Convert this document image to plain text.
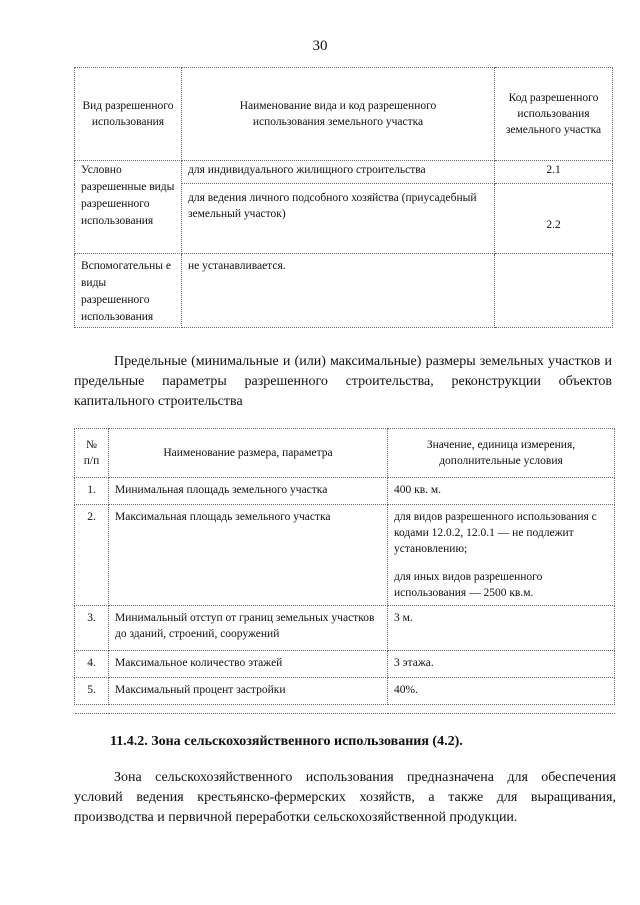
30
Вид разрешенного использования	Наименование вида и код разрешенного использования земельного участка	Код разрешенного использования земельного участка
Условно разрешенные виды разрешенного использования	для индивидуального жилищного строительства	2.1
	для ведения личного подсобного хозяйства (приусадебный земельный участок)	2.2
Вспомогательны е виды разрешенного использования	не устанавливается.	
Предельные (минимальные и (или) максимальные) размеры земельных участков и предельные параметры разрешенного строительства, реконструкции объектов капитального строительства
№ п/п	Наименование размера, параметра	Значение, единица измерения, дополнительные условия
1.	Минимальная площадь земельного участка	400 кв. м.
2.	Максимальная площадь земельного участка	для видов разрешенного использования с кодами 12.0.2, 12.0.1 — не подлежит установлению;
для иных видов разрешенного использования — 2500 кв.м.

3.	Минимальный отступ от границ земельных участков до зданий, строений, сооружений	3 м.
4.	Максимальное количество этажей	3 этажа.
5.	Максимальный процент застройки	40%.

11.4.2. Зона сельскохозяйственного использования (4.2).
Зона сельскохозяйственного использования предназначена для обеспечения условий ведения крестьянско-фермерских хозяйств, а также для выращивания, производства и первичной переработки сельскохозяйственной продукции.
